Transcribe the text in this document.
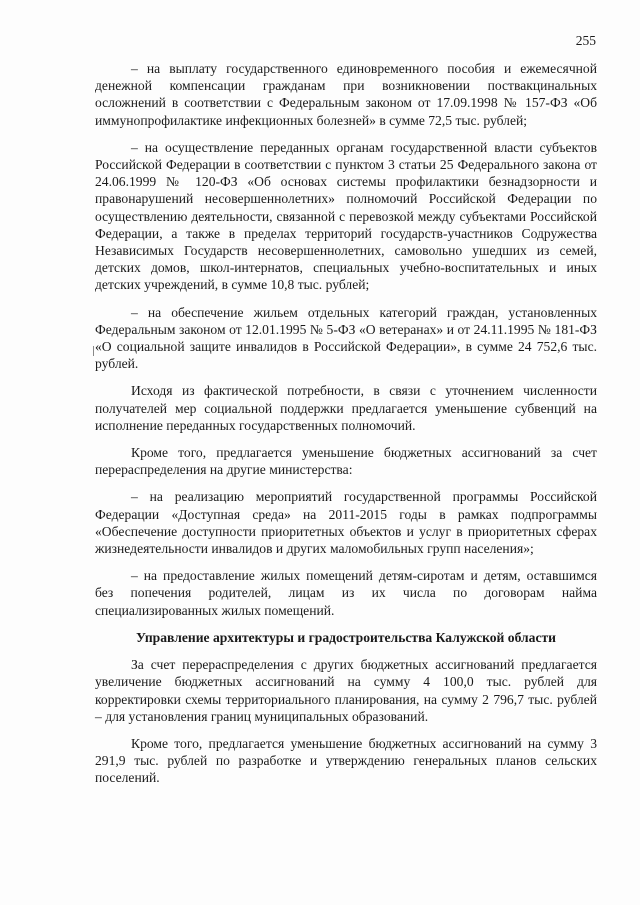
255

– на выплату государственного единовременного пособия и ежемесячной денежной компенсации гражданам при возникновении поствакцинальных осложнений в соответствии с Федеральным законом от 17.09.1998 № 157-ФЗ «Об иммунопрофилактике инфекционных болезней» в сумме 72,5 тыс. рублей;

– на осуществление переданных органам государственной власти субъектов Российской Федерации в соответствии с пунктом 3 статьи 25 Федерального закона от 24.06.1999 № 120-ФЗ «Об основах системы профилактики безнадзорности и правонарушений несовершеннолетних» полномочий Российской Федерации по осуществлению деятельности, связанной с перевозкой между субъектами Российской Федерации, а также в пределах территорий государств-участников Содружества Независимых Государств несовершеннолетних, самовольно ушедших из семей, детских домов, школ-интернатов, специальных учебно-воспитательных и иных детских учреждений, в сумме 10,8 тыс. рублей;

– на обеспечение жильем отдельных категорий граждан, установленных Федеральным законом от 12.01.1995 № 5-ФЗ «О ветеранах» и от 24.11.1995 № 181-ФЗ «О социальной защите инвалидов в Российской Федерации», в сумме 24 752,6 тыс. рублей.

Исходя из фактической потребности, в связи с уточнением численности получателей мер социальной поддержки предлагается уменьшение субвенций на исполнение переданных государственных полномочий.

Кроме того, предлагается уменьшение бюджетных ассигнований за счет перераспределения на другие министерства:

– на реализацию мероприятий государственной программы Российской Федерации «Доступная среда» на 2011-2015 годы в рамках подпрограммы «Обеспечение доступности приоритетных объектов и услуг в приоритетных сферах жизнедеятельности инвалидов и других маломобильных групп населения»;

– на предоставление жилых помещений детям-сиротам и детям, оставшимся без попечения родителей, лицам из их числа по договорам найма специализированных жилых помещений.

Управление архитектуры и градостроительства Калужской области

За счет перераспределения с других бюджетных ассигнований предлагается увеличение бюджетных ассигнований на сумму 4 100,0 тыс. рублей для корректировки схемы территориального планирования, на сумму 2 796,7 тыс. рублей – для установления границ муниципальных образований.

Кроме того, предлагается уменьшение бюджетных ассигнований на сумму 3 291,9 тыс. рублей по разработке и утверждению генеральных планов сельских поселений.
